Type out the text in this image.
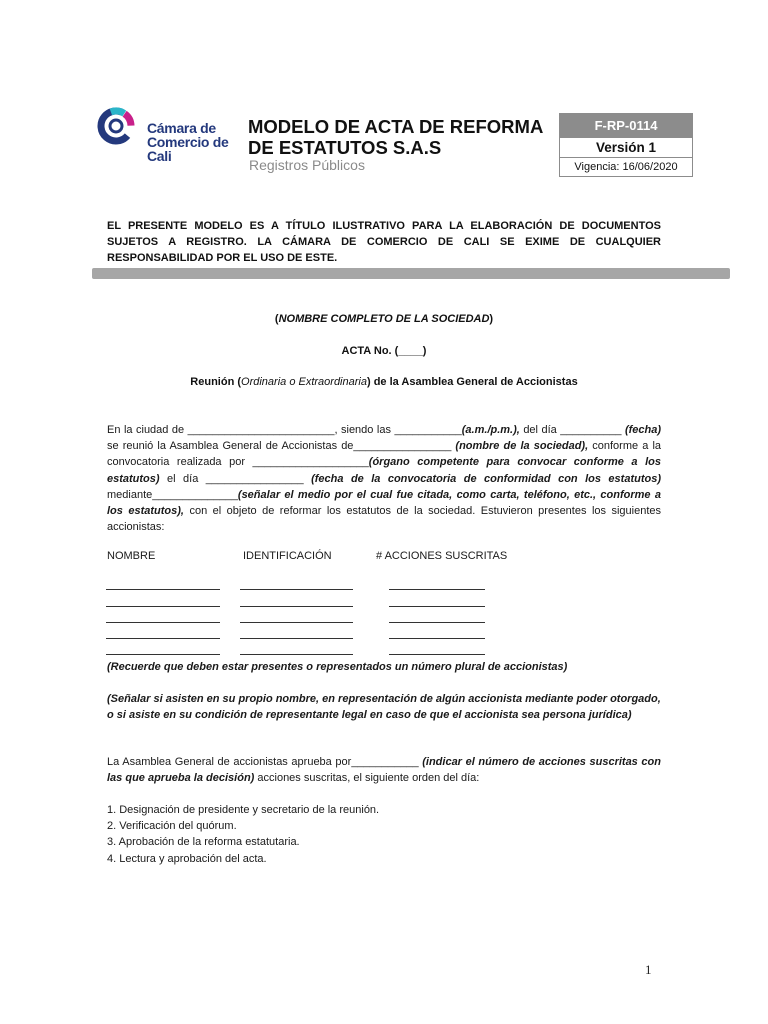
Cámara de
Comercio de
Cali
MODELO DE ACTA DE REFORMA
DE ESTATUTOS S.A.S
Registros Públicos
F-RP-0114
Versión 1
Vigencia: 16/06/2020
EL PRESENTE MODELO ES A TÍTULO ILUSTRATIVO PARA LA ELABORACIÓN DE DOCUMENTOS SUJETOS A REGISTRO. LA CÁMARA DE COMERCIO DE CALI SE EXIME DE CUALQUIER RESPONSABILIDAD POR EL USO DE ESTE.
(NOMBRE COMPLETO DE LA SOCIEDAD)
ACTA No. (____)
Reunión (Ordinaria o Extraordinaria) de la Asamblea General de Accionistas
En la ciudad de ________________________, siendo las ___________(a.m./p.m.), del día __________ (fecha) se reunió la Asamblea General de Accionistas de________________ (nombre de la sociedad), conforme a la convocatoria realizada por ___________________(órgano competente para convocar conforme a los estatutos) el día ________________ (fecha de la convocatoria de conformidad con los estatutos) mediante______________(señalar el medio por el cual fue citada, como carta, teléfono, etc., conforme a los estatutos), con el objeto de reformar los estatutos de la sociedad. Estuvieron presentes los siguientes accionistas:
NOMBRE	IDENTIFICACIÓN	# ACCIONES SUSCRITAS
(Recuerde que deben estar presentes o representados un número plural de accionistas)
(Señalar si asisten en su propio nombre, en representación de algún accionista mediante poder otorgado, o si asiste en su condición de representante legal en caso de que el accionista sea persona jurídica)
La Asamblea General de accionistas aprueba por___________ (indicar el número de acciones suscritas con las que aprueba la decisión) acciones suscritas, el siguiente orden del día:
1. Designación de presidente y secretario de la reunión.
2. Verificación del quórum.
3. Aprobación de la reforma estatutaria.
4. Lectura y aprobación del acta.
1
